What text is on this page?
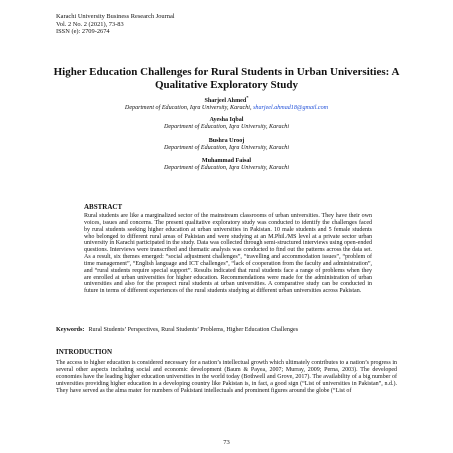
Karachi University Business Research Journal
Vol. 2 No. 2 (2021), 73-83
ISSN (e): 2709-2674
Higher Education Challenges for Rural Students in Urban Universities: A Qualitative Exploratory Study
Sharjeel Ahmed*
Department of Education, Iqra University, Karachi, sharjeel.ahmad18@gmail.com
Ayesha Iqbal
Department of Education, Iqra University, Karachi
Bushra Urooj
Department of Education, Iqra University, Karachi
Muhammad Faisal
Department of Education, Iqra University, Karachi
ABSTRACT
Rural students are like a marginalized sector of the mainstream classrooms of urban universities. They have their own voices, issues and concerns. The present qualitative exploratory study was conducted to identify the challenges faced by rural students seeking higher education at urban universities in Pakistan. 10 male students and 5 female students who belonged to different rural areas of Pakistan and were studying at an M.Phil./MS level at a private sector urban university in Karachi participated in the study. Data was collected through semi-structured interviews using open-ended questions. Interviews were transcribed and thematic analysis was conducted to find out the patterns across the data set. As a result, six themes emerged: “social adjustment challenges”, “travelling and accommodation issues”, “problem of time management”, “English language and ICT challenges”, “lack of cooperation from the faculty and administration”, and “rural students require special support”. Results indicated that rural students face a range of problems when they are enrolled at urban universities for higher education. Recommendations were made for the administration of urban universities and also for the prospect rural students at urban universities. A comparative study can be conducted in future in terms of different experiences of the rural students studying at different urban universities across Pakistan.
Keywords: Rural Students’ Perspectives, Rural Students’ Problems, Higher Education Challenges
INTRODUCTION
The access to higher education is considered necessary for a nation’s intellectual growth which ultimately contributes to a nation’s progress in several other aspects including social and economic development (Baum & Payea, 2007; Murray, 2009; Perna, 2003). The developed economies have the leading higher education universities in the world today (Bothwell and Grove, 2017). The availability of a big number of universities providing higher education in a developing country like Pakistan is, in fact, a good sign (“List of universities in Pakistan”, n.d.). They have served as the alma mater for numbers of Pakistani intellectuals and prominent figures around the globe (“List of
73
